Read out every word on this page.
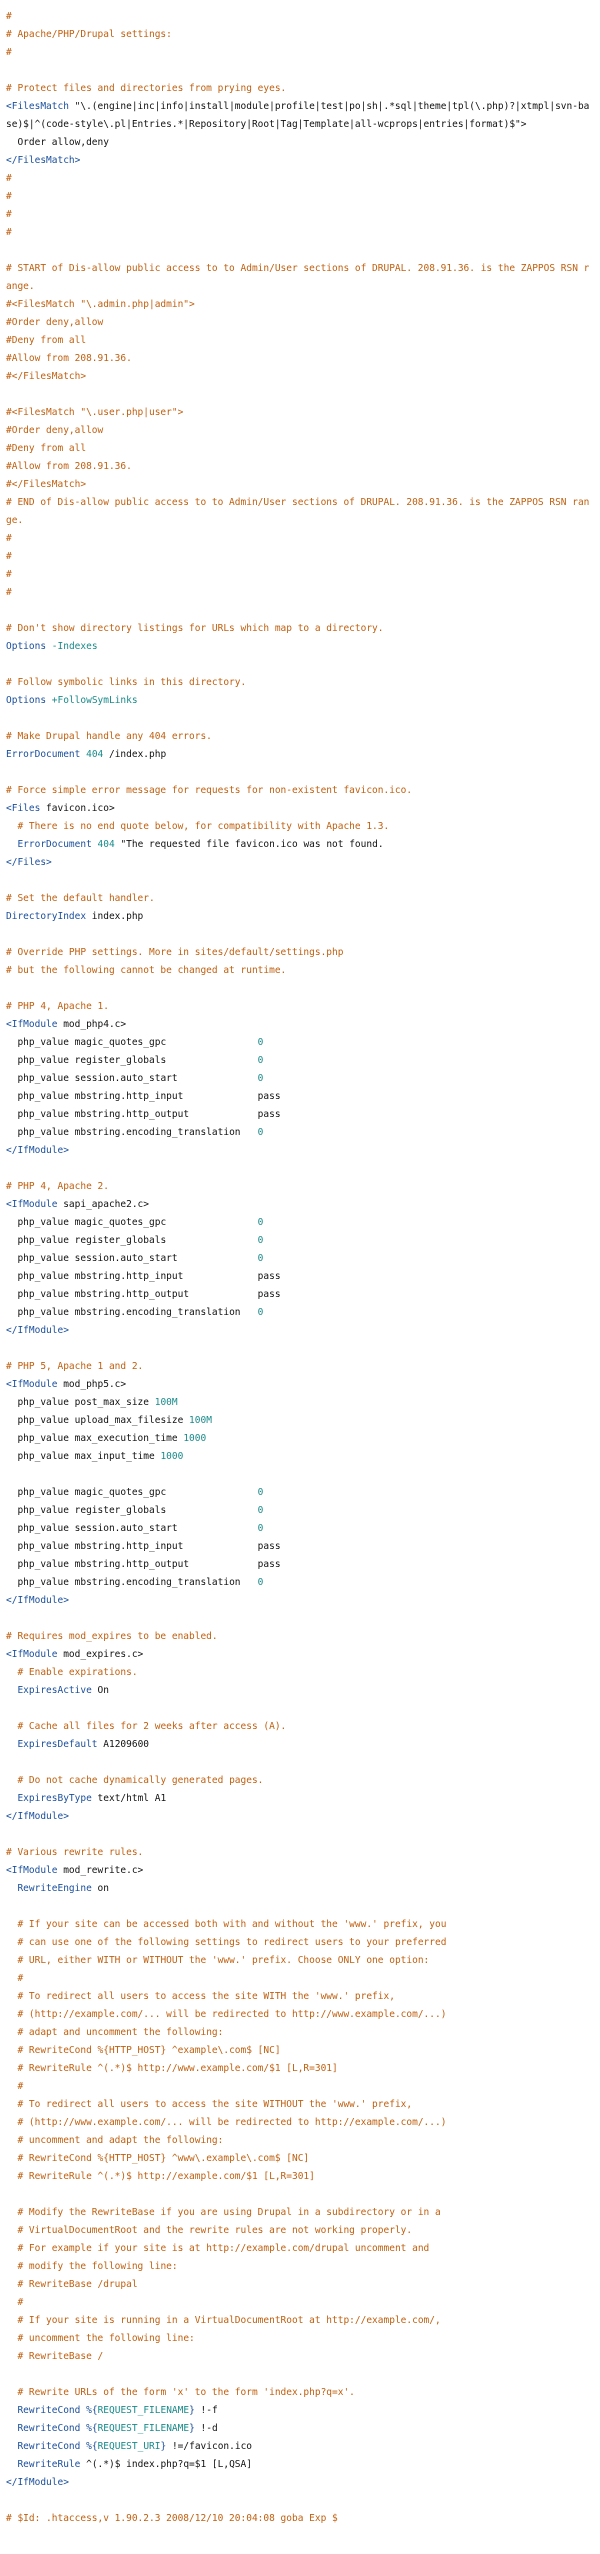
#
# Apache/PHP/Drupal settings:
#
# Protect files and directories from prying eyes.
<FilesMatch "\.(engine|inc|info|install|module|profile|test|po|sh|.*sql|theme|tpl(\.php)?|xtmpl|svn-base)$|^(code-style\.pl|Entries.*|Repository|Root|Tag|Template|all-wcprops|entries|format)$">
Order allow,deny
</FilesMatch>
#
#
#
#
# START of Dis-allow public access to to Admin/User sections of DRUPAL. 208.91.36. is the ZAPPOS RSN range.
#<FilesMatch "\.admin.php|admin">
#Order deny,allow
#Deny from all
#Allow from 208.91.36.
#</FilesMatch>
#<FilesMatch "\.user.php|user">
#Order deny,allow
#Deny from all
#Allow from 208.91.36.
#</FilesMatch>
# END of Dis-allow public access to to Admin/User sections of DRUPAL. 208.91.36. is the ZAPPOS RSN range.
#
#
#
#
# Don't show directory listings for URLs which map to a directory.
Options -Indexes
# Follow symbolic links in this directory.
Options +FollowSymLinks
# Make Drupal handle any 404 errors.
ErrorDocument 404 /index.php
# Force simple error message for requests for non-existent favicon.ico.
<Files favicon.ico>
# There is no end quote below, for compatibility with Apache 1.3.
ErrorDocument 404 "The requested file favicon.ico was not found.
</Files>
# Set the default handler.
DirectoryIndex index.php
# Override PHP settings. More in sites/default/settings.php
# but the following cannot be changed at runtime.
# PHP 4, Apache 1.
<IfModule mod_php4.c>
php_value magic_quotes_gpc                0
php_value register_globals                0
php_value session.auto_start              0
php_value mbstring.http_input             pass
php_value mbstring.http_output            pass
php_value mbstring.encoding_translation   0
</IfModule>
# PHP 4, Apache 2.
<IfModule sapi_apache2.c>
php_value magic_quotes_gpc                0
php_value register_globals                0
php_value session.auto_start              0
php_value mbstring.http_input             pass
php_value mbstring.http_output            pass
php_value mbstring.encoding_translation   0
</IfModule>
# PHP 5, Apache 1 and 2.
<IfModule mod_php5.c>
php_value post_max_size 100M
php_value upload_max_filesize 100M
php_value max_execution_time 1000
php_value max_input_time 1000
php_value magic_quotes_gpc                0
php_value register_globals                0
php_value session.auto_start              0
php_value mbstring.http_input             pass
php_value mbstring.http_output            pass
php_value mbstring.encoding_translation   0
</IfModule>
# Requires mod_expires to be enabled.
<IfModule mod_expires.c>
# Enable expirations.
ExpiresActive On
# Cache all files for 2 weeks after access (A).
ExpiresDefault A1209600
# Do not cache dynamically generated pages.
ExpiresByType text/html A1
</IfModule>
# Various rewrite rules.
<IfModule mod_rewrite.c>
RewriteEngine on
# If your site can be accessed both with and without the 'www.' prefix, you
# can use one of the following settings to redirect users to your preferred
# URL, either WITH or WITHOUT the 'www.' prefix. Choose ONLY one option:
#
# To redirect all users to access the site WITH the 'www.' prefix,
# (http://example.com/... will be redirected to http://www.example.com/...)
# adapt and uncomment the following:
# RewriteCond %{HTTP_HOST} ^example\.com$ [NC]
# RewriteRule ^(.*)$ http://www.example.com/$1 [L,R=301]
#
# To redirect all users to access the site WITHOUT the 'www.' prefix,
# (http://www.example.com/... will be redirected to http://example.com/...)
# uncomment and adapt the following:
# RewriteCond %{HTTP_HOST} ^www\.example\.com$ [NC]
# RewriteRule ^(.*)$ http://example.com/$1 [L,R=301]
# Modify the RewriteBase if you are using Drupal in a subdirectory or in a
# VirtualDocumentRoot and the rewrite rules are not working properly.
# For example if your site is at http://example.com/drupal uncomment and
# modify the following line:
# RewriteBase /drupal
#
# If your site is running in a VirtualDocumentRoot at http://example.com/,
# uncomment the following line:
# RewriteBase /
# Rewrite URLs of the form 'x' to the form 'index.php?q=x'.
RewriteCond %{REQUEST_FILENAME} !-f
RewriteCond %{REQUEST_FILENAME} !-d
RewriteCond %{REQUEST_URI} !=/favicon.ico
RewriteRule ^(.*)$ index.php?q=$1 [L,QSA]
</IfModule>
# $Id: .htaccess,v 1.90.2.3 2008/12/10 20:04:08 goba Exp $
